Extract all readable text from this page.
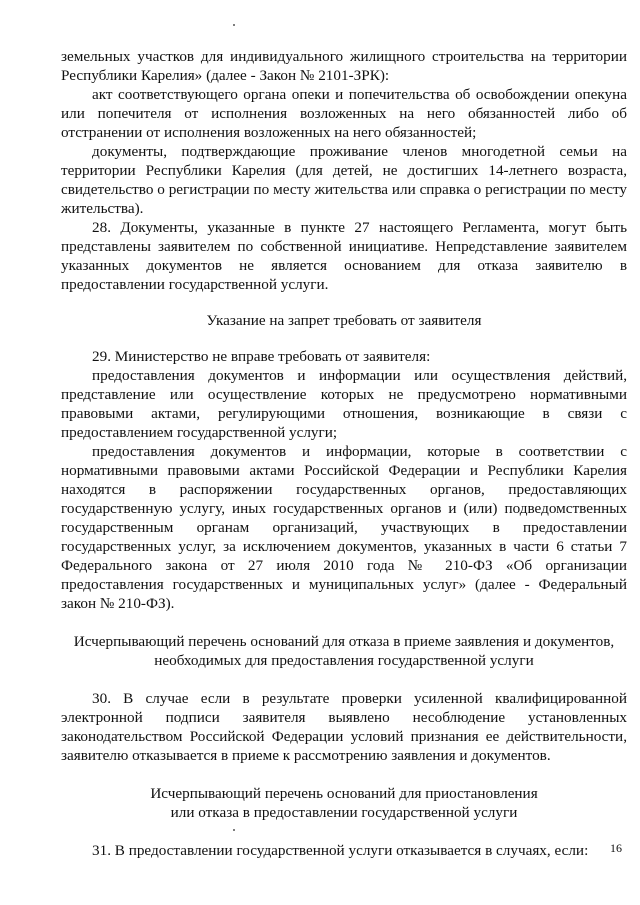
земельных участков для индивидуального жилищного строительства на территории Республики Карелия» (далее - Закон № 2101-ЗРК):

акт соответствующего органа опеки и попечительства об освобождении опекуна или попечителя от исполнения возложенных на него обязанностей либо об отстранении от исполнения возложенных на него обязанностей;

документы, подтверждающие проживание членов многодетной семьи на территории Республики Карелия (для детей, не достигших 14-летнего возраста, свидетельство о регистрации по месту жительства или справка о регистрации по месту жительства).

28. Документы, указанные в пункте 27 настоящего Регламента, могут быть представлены заявителем по собственной инициативе. Непредставление заявителем указанных документов не является основанием для отказа заявителю в предоставлении государственной услуги.

Указание на запрет требовать от заявителя

29. Министерство не вправе требовать от заявителя:

предоставления документов и информации или осуществления действий, представление или осуществление которых не предусмотрено нормативными правовыми актами, регулирующими отношения, возникающие в связи с предоставлением государственной услуги;

предоставления документов и информации, которые в соответствии с нормативными правовыми актами Российской Федерации и Республики Карелия находятся в распоряжении государственных органов, предоставляющих государственную услугу, иных государственных органов и (или) подведомственных государственным органам организаций, участвующих в предоставлении государственных услуг, за исключением документов, указанных в части 6 статьи 7 Федерального закона от 27 июля 2010 года № 210-ФЗ «Об организации предоставления государственных и муниципальных услуг» (далее - Федеральный закон № 210-ФЗ).

Исчерпывающий перечень оснований для отказа в приеме заявления и документов, необходимых для предоставления государственной услуги

30. В случае если в результате проверки усиленной квалифицированной электронной подписи заявителя выявлено несоблюдение установленных законодательством Российской Федерации условий признания ее действительности, заявителю отказывается в приеме к рассмотрению заявления и документов.

Исчерпывающий перечень оснований для приостановления

или отказа в предоставлении государственной услуги

31. В предоставлении государственной услуги отказывается в случаях, если:	16
